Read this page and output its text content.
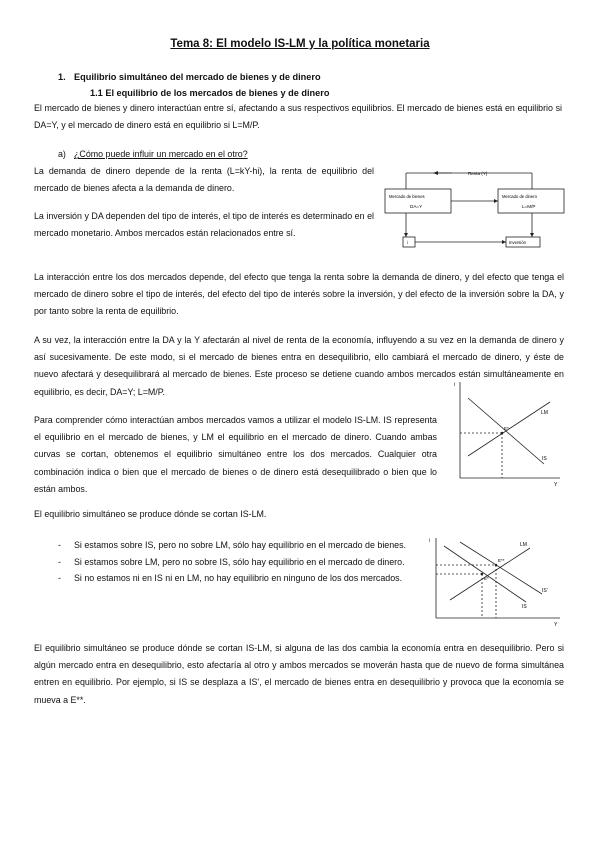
Tema 8: El modelo IS-LM y la política monetaria
1. Equilibrio simultáneo del mercado de bienes y de dinero
1.1 El equilibrio de los mercados de bienes y de dinero

El mercado de bienes y dinero interactúan entre sí, afectando a sus respectivos equilibrios. El mercado de bienes está en equilibrio si DA=Y, y el mercado de dinero está en equilibrio si L=M/P.

a) ¿Cómo puede influir un mercado en el otro?

La demanda de dinero depende de la renta (L=kY-hi), la renta de equilibrio del mercado de bienes afecta a la demanda de dinero.

La inversión y DA dependen del tipo de interés, el tipo de interés es determinado en el mercado monetario. Ambos mercados están relacionados entre sí.

Renta (Y)
Mercado de bienes
DA=Y
Mercado de dinero
L=M/P
i	Inversión

La interacción entre los dos mercados depende, del efecto que tenga la renta sobre la demanda de dinero, y del efecto que tenga el mercado de dinero sobre el tipo de interés, del efecto del tipo de interés sobre la inversión, y del efecto de la inversión sobre la DA, y por tanto sobre la renta de equilibrio.

A su vez, la interacción entre la DA y la Y afectarán al nivel de renta de la economía, influyendo a su vez en la demanda de dinero y así sucesivamente. De este modo, si el mercado de bienes entra en desequilibrio, ello cambiará el mercado de dinero, y éste de nuevo afectará y desequilibrará al mercado de bienes. Este proceso se detiene cuando ambos mercados están simultáneamente en equilibrio, es decir, DA=Y; L=M/P.

Para comprender cómo interactúan ambos mercados vamos a utilizar el modelo IS-LM. IS representa el equilibrio en el mercado de bienes, y LM el equilibrio en el mercado de dinero. Cuando ambas curvas se cortan, obtenemos el equilibrio simultáneo entre los dos mercados. Cualquier otra combinación indica o bien que el mercado de bienes o de dinero está desequilibrado o bien que lo están ambos.

i
Y
LM
IS
E*

El equilibrio simultáneo se produce dónde se cortan IS-LM.

- Si estamos sobre IS, pero no sobre LM, sólo hay equilibrio en el mercado de bienes.
- Si estamos sobre LM, pero no sobre IS, sólo hay equilibrio en el mercado de dinero.
- Si no estamos ni en IS ni en LM, no hay equilibrio en ninguno de los dos mercados.
i
Y
LM
IS
IS'
E*
E**

El equilibrio simultáneo se produce dónde se cortan IS-LM, si alguna de las dos cambia la economía entra en desequilibrio. Pero si algún mercado entra en desequilibrio, esto afectaría al otro y ambos mercados se moverán hasta que de nuevo de forma simultánea entren en equilibrio. Por ejemplo, si IS se desplaza a IS', el mercado de bienes entra en desequilibrio y provoca que la economía se mueva a E**.
